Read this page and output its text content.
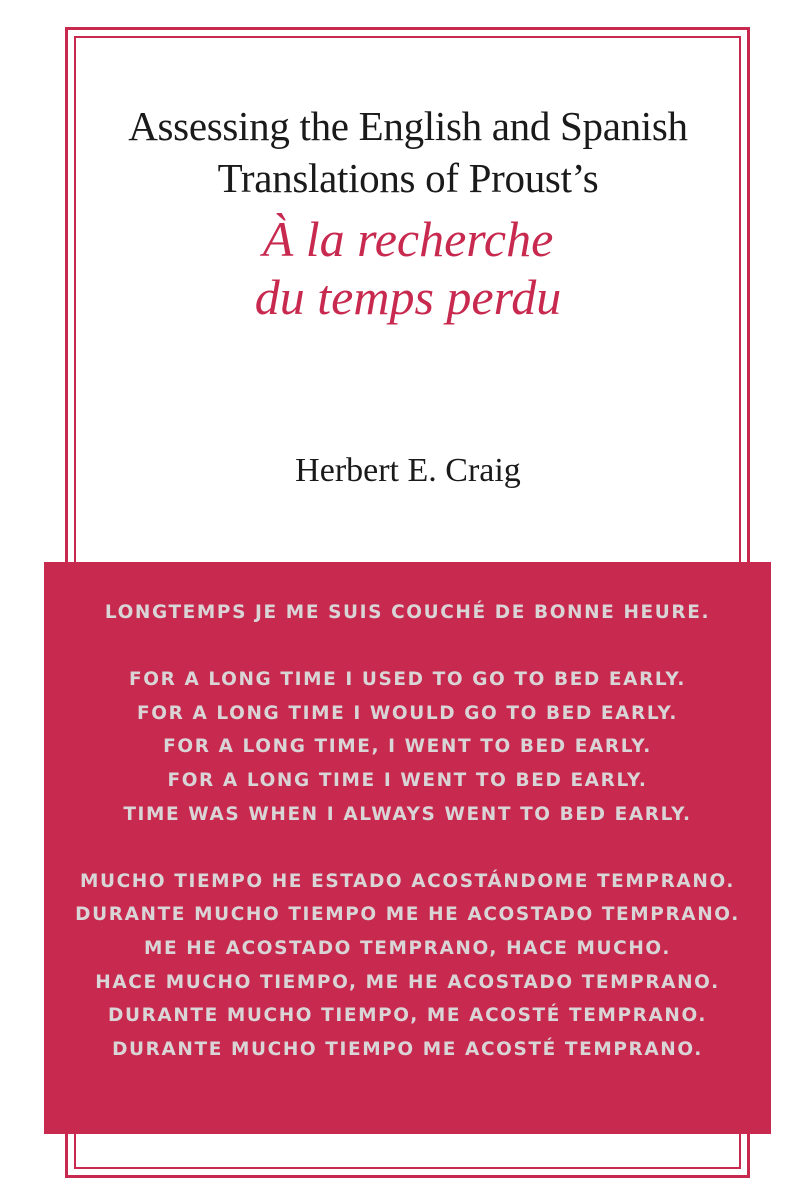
Assessing the English and Spanish
Translations of Proust’s
À la recherche
du temps perdu
Herbert E. Craig
LONGTEMPS JE ME SUIS COUCHÉ DE BONNE HEURE.
FOR A LONG TIME I USED TO GO TO BED EARLY.
FOR A LONG TIME I WOULD GO TO BED EARLY.
FOR A LONG TIME, I WENT TO BED EARLY.
FOR A LONG TIME I WENT TO BED EARLY.
TIME WAS WHEN I ALWAYS WENT TO BED EARLY.
MUCHO TIEMPO HE ESTADO ACOSTÁNDOME TEMPRANO.
DURANTE MUCHO TIEMPO ME HE ACOSTADO TEMPRANO.
ME HE ACOSTADO TEMPRANO, HACE MUCHO.
HACE MUCHO TIEMPO, ME HE ACOSTADO TEMPRANO.
DURANTE MUCHO TIEMPO, ME ACOSTÉ TEMPRANO.
DURANTE MUCHO TIEMPO ME ACOSTÉ TEMPRANO.
